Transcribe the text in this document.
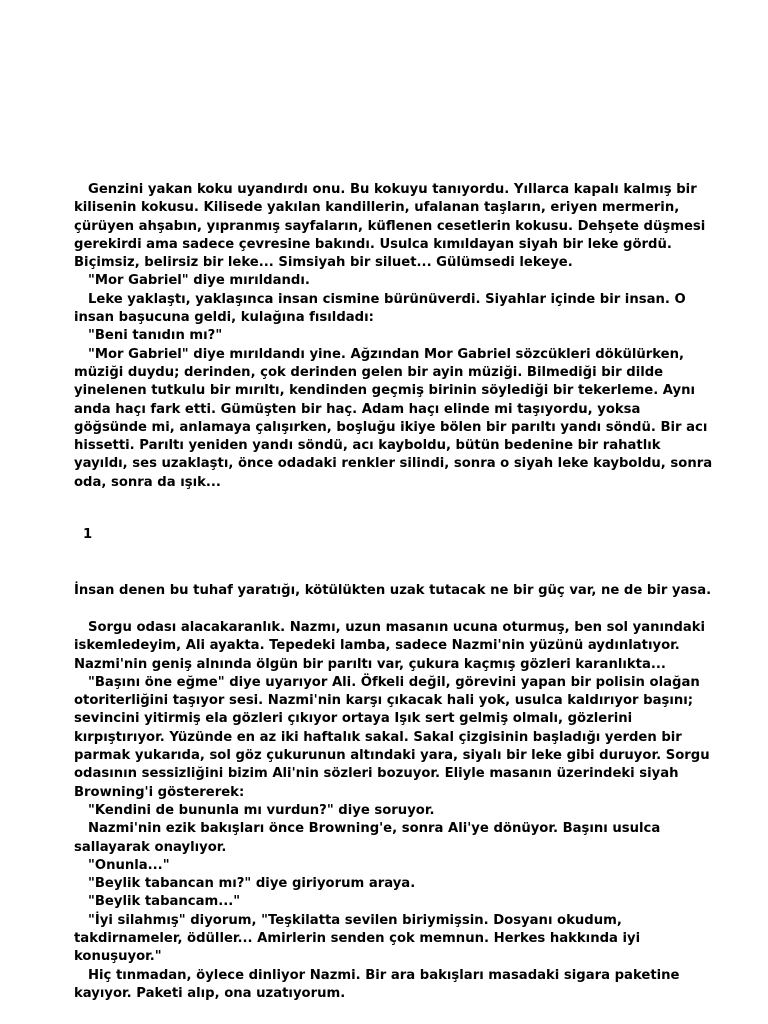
Genzini yakan koku uyandırdı onu. Bu kokuyu tanıyordu. Yıllarca kapalı kalmış bir kilisenin kokusu. Kilisede yakılan kandillerin, ufalanan taşların, eriyen mermerin, çürüyen ahşabın, yıpranmış sayfaların, küflenen cesetlerin kokusu. Dehşete düşmesi gerekirdi ama sadece çevresine bakındı. Usulca kımıldayan siyah bir leke gördü. Biçimsiz, belirsiz bir leke... Simsiyah bir siluet... Gülümsedi lekeye.

"Mor Gabriel" diye mırıldandı.

Leke yaklaştı, yaklaşınca insan cismine bürünüverdi. Siyahlar içinde bir insan. O insan başucuna geldi, kulağına fısıldadı:

"Beni tanıdın mı?"

"Mor Gabriel" diye mırıldandı yine. Ağzından Mor Gabriel sözcükleri dökülürken, müziği duydu; derinden, çok derinden gelen bir ayin müziği. Bilmediği bir dilde yinelenen tutkulu bir mırıltı, kendinden geçmiş birinin söylediği bir tekerleme. Aynı anda haçı fark etti. Gümüşten bir haç. Adam haçı elinde mi taşıyordu, yoksa göğsünde mi, anlamaya çalışırken, boşluğu ikiye bölen bir parıltı yandı söndü. Bir acı hissetti. Parıltı yeniden yandı söndü, acı kayboldu, bütün bedenine bir rahatlık yayıldı, ses uzaklaştı, önce odadaki renkler silindi, sonra o siyah leke kayboldu, sonra oda, sonra da ışık...

1

İnsan denen bu tuhaf yaratığı, kötülükten uzak tutacak ne bir güç var, ne de bir yasa.

Sorgu odası alacakaranlık. Nazmı, uzun masanın ucuna oturmuş, ben sol yanındaki iskemledeyim, Ali ayakta. Tepedeki lamba, sadece Nazmi'nin yüzünü aydınlatıyor. Nazmi'nin geniş alnında ölgün bir parıltı var, çukura kaçmış gözleri karanlıkta...

"Başını öne eğme" diye uyarıyor Ali. Öfkeli değil, görevini yapan bir polisin olağan otoriterliğini taşıyor sesi. Nazmi'nin karşı çıkacak hali yok, usulca kaldırıyor başını; sevincini yitirmiş ela gözleri çıkıyor ortaya Işık sert gelmiş olmalı, gözlerini kırpıştırıyor. Yüzünde en az iki haftalık sakal. Sakal çizgisinin başladığı yerden bir parmak yukarıda, sol göz çukurunun altındaki yara, siyalı bir leke gibi duruyor. Sorgu odasının sessizliğini bizim Ali'nin sözleri bozuyor. Eliyle masanın üzerindeki siyah Browning'i göstererek:

"Kendini de bununla mı vurdun?" diye soruyor.

Nazmi'nin ezik bakışları önce Browning'e, sonra Ali'ye dönüyor. Başını usulca sallayarak onaylıyor.

"Onunla..."

"Beylik tabancan mı?" diye giriyorum araya.

"Beylik tabancam..."

"İyi silahmış" diyorum, "Teşkilatta sevilen biriymişsin. Dosyanı okudum, takdirnameler, ödüller... Amirlerin senden çok memnun. Herkes hakkında iyi konuşuyor."

Hiç tınmadan, öylece dinliyor Nazmi. Bir ara bakışları masadaki sigara paketine kayıyor. Paketi alıp, ona uzatıyorum.
